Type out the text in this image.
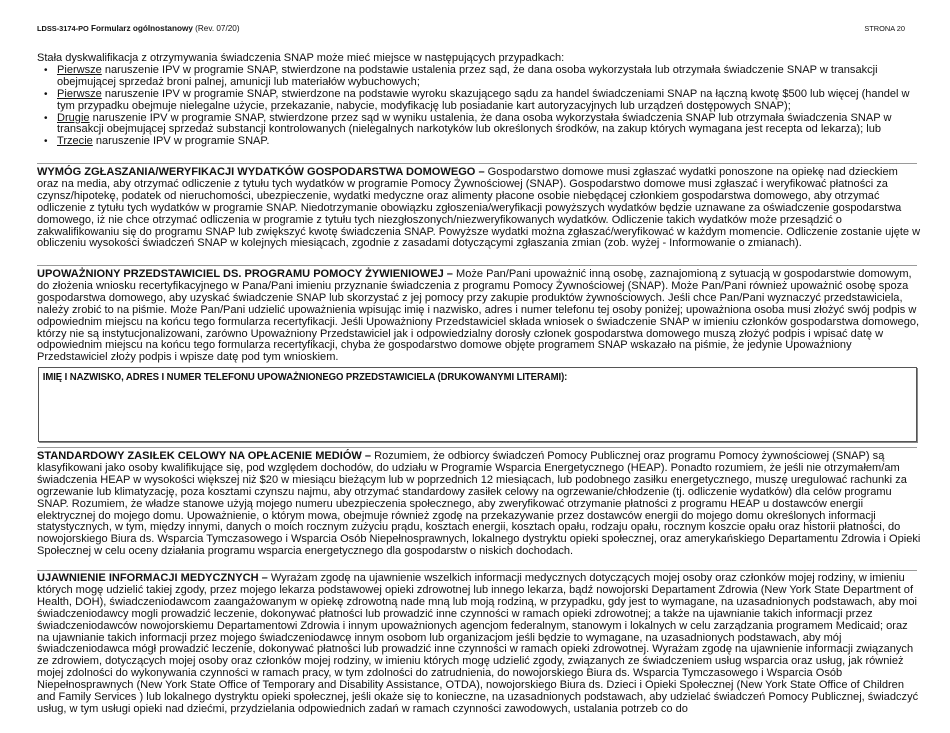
LDSS-3174-PO Formularz ogólnostanowy (Rev. 07/20)	STRONA 20

Stała dyskwalifikacja z otrzymywania świadczenia SNAP może mieć miejsce w następujących przypadkach:

• Pierwsze naruszenie IPV w programie SNAP, stwierdzone na podstawie ustalenia przez sąd, że dana osoba wykorzystała lub otrzymała świadczenie SNAP w transakcji obejmującej sprzedaż broni palnej, amunicji lub materiałów wybuchowych;
• Pierwsze naruszenie IPV w programie SNAP, stwierdzone na podstawie wyroku skazującego sądu za handel świadczeniami SNAP na łączną kwotę $500 lub więcej (handel w tym przypadku obejmuje nielegalne użycie, przekazanie, nabycie, modyfikację lub posiadanie kart autoryzacyjnych lub urządzeń dostępowych SNAP);
• Drugie naruszenie IPV w programie SNAP, stwierdzone przez sąd w wyniku ustalenia, że dana osoba wykorzystała świadczenia SNAP lub otrzymała świadczenia SNAP w transakcji obejmującej sprzedaż substancji kontrolowanych (nielegalnych narkotyków lub określonych środków, na zakup których wymagana jest recepta od lekarza); lub
• Trzecie naruszenie IPV w programie SNAP.

WYMÓG ZGŁASZANIA/WERYFIKACJI WYDATKÓW GOSPODARSTWA DOMOWEGO – Gospodarstwo domowe musi zgłaszać wydatki ponoszone na opiekę nad dzieckiem oraz na media, aby otrzymać odliczenie z tytułu tych wydatków w programie Pomocy Żywnościowej (SNAP). Gospodarstwo domowe musi zgłaszać i weryfikować płatności za czynsz/hipotekę, podatek od nieruchomości, ubezpieczenie, wydatki medyczne oraz alimenty płacone osobie niebędącej członkiem gospodarstwa domowego, aby otrzymać odliczenie z tytułu tych wydatków w programie SNAP. Niedotrzymanie obowiązku zgłoszenia/weryfikacji powyższych wydatków będzie uznawane za oświadczenie gospodarstwa domowego, iż nie chce otrzymać odliczenia w programie z tytułu tych niezgłoszonych/niezweryfikowanych wydatków. Odliczenie takich wydatków może przesądzić o zakwalifikowaniu się do programu SNAP lub zwiększyć kwotę świadczenia SNAP. Powyższe wydatki można zgłaszać/weryfikować w każdym momencie. Odliczenie zostanie ujęte w obliczeniu wysokości świadczeń SNAP w kolejnych miesiącach, zgodnie z zasadami dotyczącymi zgłaszania zmian (zob. wyżej - Informowanie o zmianach).

UPOWAŻNIONY PRZEDSTAWICIEL DS. PROGRAMU POMOCY ŻYWIENIOWEJ – Może Pan/Pani upoważnić inną osobę, zaznajomioną z sytuacją w gospodarstwie domowym, do złożenia wniosku recertyfikacyjnego w Pana/Pani imieniu przyznanie świadczenia z programu Pomocy Żywnościowej (SNAP). Może Pan/Pani również upoważnić osobę spoza gospodarstwa domowego, aby uzyskać świadczenie SNAP lub skorzystać z jej pomocy przy zakupie produktów żywnościowych. Jeśli chce Pan/Pani wyznaczyć przedstawiciela, należy zrobić to na piśmie. Może Pan/Pani udzielić upoważnienia wpisując imię i nazwisko, adres i numer telefonu tej osoby poniżej; upoważniona osoba musi złożyć swój podpis w odpowiednim miejscu na końcu tego formularza recertyfikacji. Jeśli Upoważniony Przedstawiciel składa wniosek o świadczenie SNAP w imieniu członków gospodarstwa domowego, którzy nie są instytucjonalizowani, zarówno Upoważniony Przedstawiciel jak i odpowiedzialny dorosły członek gospodarstwa domowego muszą złożyć podpis i wpisać datę w odpowiednim miejscu na końcu tego formularza recertyfikacji, chyba że gospodarstwo domowe objęte programem SNAP wskazało na piśmie, że jedynie Upoważniony Przedstawiciel złoży podpis i wpisze datę pod tym wnioskiem.

IMIĘ I NAZWISKO, ADRES I NUMER TELEFONU UPOWAŻNIONEGO PRZEDSTAWICIELA (DRUKOWANYMI LITERAMI):

STANDARDOWY ZASIŁEK CELOWY NA OPŁACENIE MEDIÓW – Rozumiem, że odbiorcy świadczeń Pomocy Publicznej oraz programu Pomocy żywnościowej (SNAP) są klasyfikowani jako osoby kwalifikujące się, pod względem dochodów, do udziału w Programie Wsparcia Energetycznego (HEAP). Ponadto rozumiem, że jeśli nie otrzymałem/am świadczenia HEAP w wysokości większej niż $20 w miesiącu bieżącym lub w poprzednich 12 miesiącach, lub podobnego zasiłku energetycznego, muszę uregulować rachunki za ogrzewanie lub klimatyzację, poza kosztami czynszu najmu, aby otrzymać standardowy zasiłek celowy na ogrzewanie/chłodzenie (tj. odliczenie wydatków) dla celów programu SNAP. Rozumiem, że władze stanowe użyją mojego numeru ubezpieczenia społecznego, aby zweryfikować otrzymanie płatności z programu HEAP u dostawców energii elektrycznej do mojego domu. Upoważnienie, o którym mowa, obejmuje również zgodę na przekazywanie przez dostawców energii do mojego domu określonych informacji statystycznych, w tym, między innymi, danych o moich rocznym zużyciu prądu, kosztach energii, kosztach opału, rodzaju opału, rocznym koszcie opału oraz historii płatności, do nowojorskiego Biura ds. Wsparcia Tymczasowego i Wsparcia Osób Niepełnosprawnych, lokalnego dystryktu opieki społecznej, oraz amerykańskiego Departamentu Zdrowia i Opieki Społecznej w celu oceny działania programu wsparcia energetycznego dla gospodarstw o niskich dochodach.

UJAWNIENIE INFORMACJI MEDYCZNYCH – Wyrażam zgodę na ujawnienie wszelkich informacji medycznych dotyczących mojej osoby oraz członków mojej rodziny, w imieniu których mogę udzielić takiej zgody, przez mojego lekarza podstawowej opieki zdrowotnej lub innego lekarza, bądź nowojorski Departament Zdrowia (New York State Department of Health, DOH), świadczeniodawcom zaangażowanym w opiekę zdrowotną nade mną lub moją rodziną, w przypadku, gdy jest to wymagane, na uzasadnionych podstawach, aby moi świadczeniodawcy mogli prowadzić leczenie, dokonywać płatności lub prowadzić inne czynności w ramach opieki zdrowotnej; a także na ujawnianie takich informacji przez świadczeniodawców nowojorskiemu Departamentowi Zdrowia i innym upoważnionych agencjom federalnym, stanowym i lokalnych w celu zarządzania programem Medicaid; oraz na ujawnianie takich informacji przez mojego świadczeniodawcę innym osobom lub organizacjom jeśli będzie to wymagane, na uzasadnionych podstawach, aby mój świadczeniodawca mógł prowadzić leczenie, dokonywać płatności lub prowadzić inne czynności w ramach opieki zdrowotnej. Wyrażam zgodę na ujawnienie informacji związanych ze zdrowiem, dotyczących mojej osoby oraz członków mojej rodziny, w imieniu których mogę udzielić zgody, związanych ze świadczeniem usług wsparcia oraz usług, jak również mojej zdolności do wykonywania czynności w ramach pracy, w tym zdolności do zatrudnienia, do nowojorskiego Biura ds. Wsparcia Tymczasowego i Wsparcia Osób Niepełnosprawnych (New York State Office of Temporary and Disability Assistance, OTDA), nowojorskiego Biura ds. Dzieci i Opieki Społecznej (New York State Office of Children and Family Services ) lub lokalnego dystryktu opieki społecznej, jeśli okaże się to konieczne, na uzasadnionych podstawach, aby udzielać świadczeń Pomocy Publicznej, świadczyć usług, w tym usługi opieki nad dziećmi, przydzielania odpowiednich zadań w ramach czynności zawodowych, ustalania potrzeb co do
